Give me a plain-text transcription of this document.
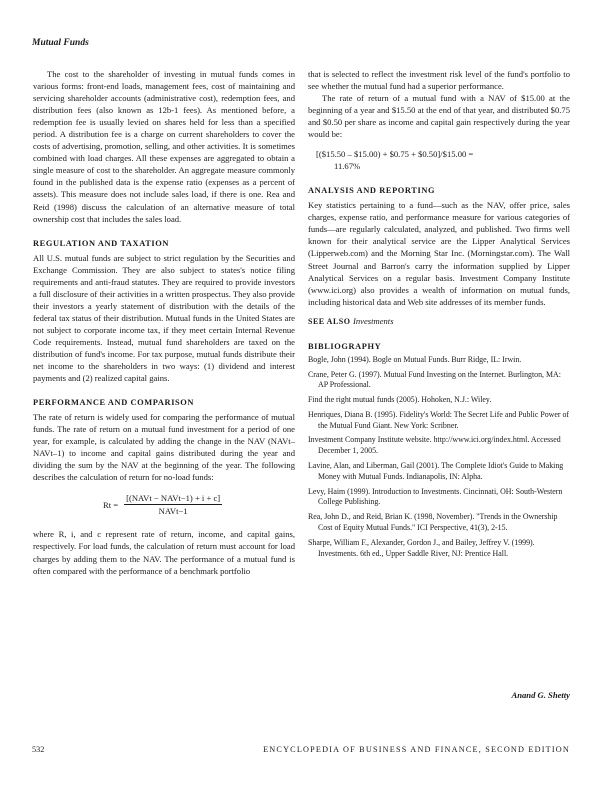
Mutual Funds

The cost to the shareholder of investing in mutual funds comes in various forms: front-end loads, management fees, cost of maintaining and servicing shareholder accounts (administrative cost), redemption fees, and distribution fees (also known as 12b-1 fees). As mentioned before, a redemption fee is usually levied on shares held for less than a specified period. A distribution fee is a charge on current shareholders to cover the costs of advertising, promotion, selling, and other activities. It is sometimes combined with load charges. All these expenses are aggregated to obtain a single measure of cost to the shareholder. An aggregate measure commonly found in the published data is the expense ratio (expenses as a percent of assets). This measure does not include sales load, if there is one. Rea and Reid (1998) discuss the calculation of an alternative measure of total ownership cost that includes the sales load.

REGULATION AND TAXATION

All U.S. mutual funds are subject to strict regulation by the Securities and Exchange Commission. They are also subject to states's notice filing requirements and anti-fraud statutes. They are required to provide investors a full disclosure of their activities in a written prospectus. They also provide their investors a yearly statement of distribution with the details of the federal tax status of their distribution. Mutual funds in the United States are not subject to corporate income tax, if they meet certain Internal Revenue Code requirements. Instead, mutual fund shareholders are taxed on the distribution of fund's income. For tax purpose, mutual funds distribute their net income to the shareholders in two ways: (1) dividend and interest payments and (2) realized capital gains.

PERFORMANCE AND COMPARISON

The rate of return is widely used for comparing the performance of mutual funds. The rate of return on a mutual fund investment for a period of one year, for example, is calculated by adding the change in the NAV (NAVt–NAVt–1) to income and capital gains distributed during the year and dividing the sum by the NAV at the beginning of the year. The following describes the calculation of return for no-load funds:

$Rt = \frac{\text{[(NAVt − NAVt−1) + i + c]}}{\text{NAVt−1}}$

where R, i, and c represent rate of return, income, and capital gains, respectively. For load funds, the calculation of return must account for load charges by adding them to the NAV. The performance of a mutual fund is often compared with the performance of a benchmark portfolio

that is selected to reflect the investment risk level of the fund's portfolio to see whether the mutual fund had a superior performance.

The rate of return of a mutual fund with a NAV of $15.00 at the beginning of a year and $15.50 at the end of that year, and distributed $0.75 and $0.50 per share as income and capital gain respectively during the year would be:

[($15.50 – $15.00) + $0.75 + $0.50]/$15.00 =
11.67%
ANALYSIS AND REPORTING

Key statistics pertaining to a fund—such as the NAV, offer price, sales charges, expense ratio, and performance measure for various categories of funds—are regularly calculated, analyzed, and published. Two firms well known for their analytical service are the Lipper Analytical Services (Lipperweb.com) and the Morning Star Inc. (Morningstar.com). The Wall Street Journal and Barron's carry the information supplied by Lipper Analytical Services on a regular basis. Investment Company Institute (www.ici.org) also provides a wealth of information on mutual funds, including historical data and Web site addresses of its member funds.

SEE ALSO Investments
BIBLIOGRAPHY
Bogle, John (1994). Bogle on Mutual Funds. Burr Ridge, IL: Irwin.
Crane, Peter G. (1997). Mutual Fund Investing on the Internet. Burlington, MA: AP Professional.
Find the right mutual funds (2005). Hohoken, N.J.: Wiley.
Henriques, Diana B. (1995). Fidelity's World: The Secret Life and Public Power of the Mutual Fund Giant. New York: Scribner.
Investment Company Institute website. http://www.ici.org/index.html. Accessed December 1, 2005.
Lavine, Alan, and Liberman, Gail (2001). The Complete Idiot's Guide to Making Money with Mutual Funds. Indianapolis, IN: Alpha.
Levy, Haim (1999). Introduction to Investments. Cincinnati, OH: South-Western College Publishing.
Rea, John D., and Reid, Brian K. (1998, November). "Trends in the Ownership Cost of Equity Mutual Funds." ICI Perspective, 41(3), 2-15.
Sharpe, William F., Alexander, Gordon J., and Bailey, Jeffrey V. (1999). Investments. 6th ed., Upper Saddle River, NJ: Prentice Hall.
Anand G. Shetty
532	ENCYCLOPEDIA OF BUSINESS AND FINANCE, SECOND EDITION
